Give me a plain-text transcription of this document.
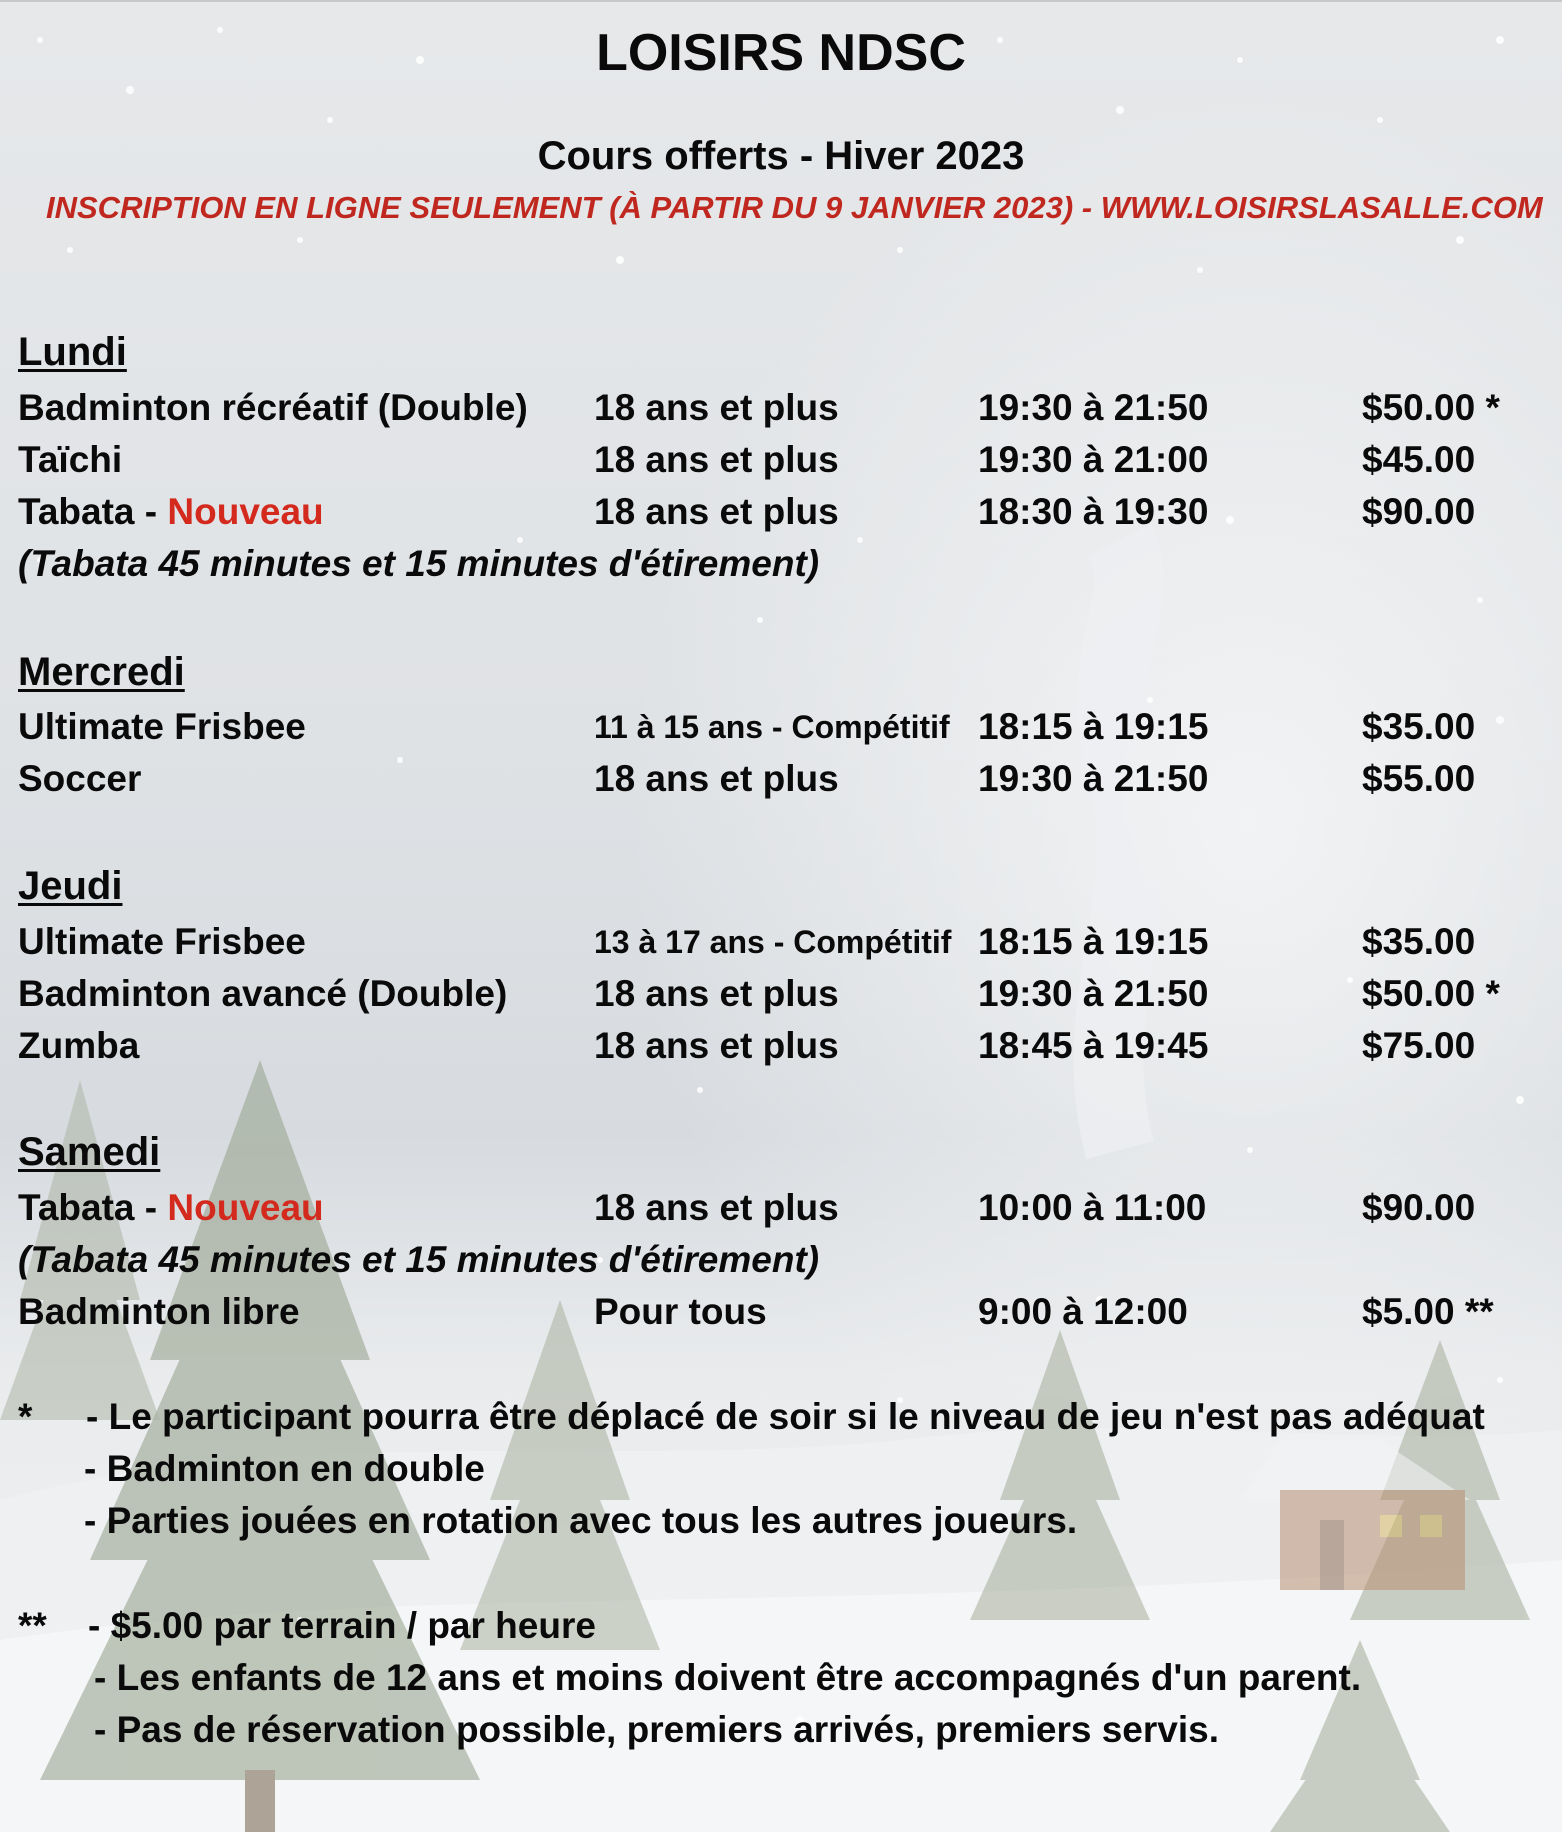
LOISIRS NDSC
Cours offerts - Hiver 2023
INSCRIPTION EN LIGNE SEULEMENT (À PARTIR DU 9 JANVIER 2023) - WWW.LOISIRSLASALLE.COM
Lundi
Badminton récréatif (Double) 18 ans et plus	19:30 à 21:50	$50.00 *
Taïchi	18 ans et plus	19:30 à 21:00	$45.00
Tabata - Nouveau	18 ans et plus	18:30 à 19:30	$90.00
(Tabata 45 minutes et 15 minutes d'étirement)
Mercredi
Ultimate Frisbee	11 à 15 ans - Compétitif 18:15 à 19:15	$35.00
Soccer	18 ans et plus	19:30 à 21:50	$55.00
Jeudi
Ultimate Frisbee	13 à 17 ans - Compétitif 18:15 à 19:15	$35.00
Badminton avancé (Double) 18 ans et plus	19:30 à 21:50	$50.00 *
Zumba	18 ans et plus	18:45 à 19:45	$75.00
Samedi
Tabata - Nouveau	18 ans et plus	10:00 à 11:00	$90.00
(Tabata 45 minutes et 15 minutes d'étirement)
Badminton libre	Pour tous	9:00 à 12:00	$5.00 **
* - Le participant pourra être déplacé de soir si le niveau de jeu n'est pas adéquat
- Badminton en double
- Parties jouées en rotation avec tous les autres joueurs.
** - $5.00 par terrain / par heure
- Les enfants de 12 ans et moins doivent être accompagnés d'un parent.
- Pas de réservation possible, premiers arrivés, premiers servis.
